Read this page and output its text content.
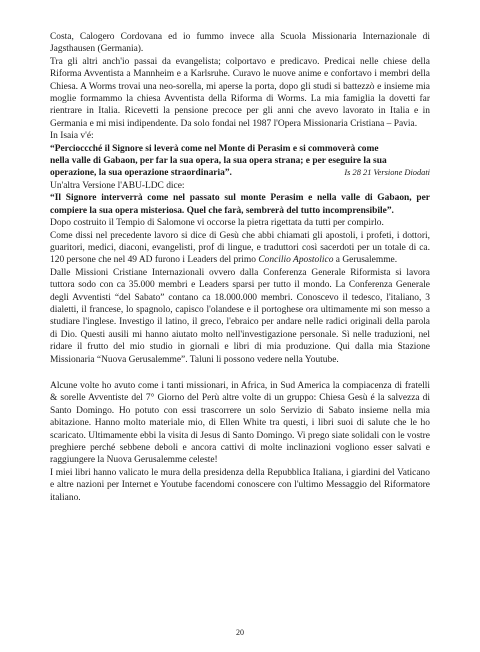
Costa, Calogero Cordovana ed io fummo invece alla Scuola Missionaria Internazionale di Jagsthausen (Germania).

Tra gli altri anch'io passai da evangelista; colportavo e predicavo. Predicai nelle chiese della Riforma Avventista a Mannheim e a Karlsruhe. Curavo le nuove anime e confortavo i membri della Chiesa. A Worms trovai una neo-sorella, mi aperse la porta, dopo gli studi si battezzò e insieme mia moglie formammo la chiesa Avventista della Riforma di Worms. La mia famiglia la dovetti far rientrare in Italia. Ricevetti la pensione precoce per gli anni che avevo lavorato in Italia e in Germania e mi misi indipendente. Da solo fondai nel 1987 l'Opera Missionaria Cristiana – Pavia.

In Isaia v'é:

“Percioccché il Signore si leverà come nel Monte di Perasim e si commoverà come
nella valle di Gabaon, per far la sua opera, la sua opera strana; e per eseguire la sua
operazione, la sua operazione straordinaria”.	Is 28 21 Versione Diodati

Un'altra Versione l'ABU-LDC dice:

“Il Signore interverrà come nel passato sul monte Perasim e nella valle di Gabaon, per compiere la sua opera misteriosa. Quel che farà, sembrerà del tutto incomprensibile”.

Dopo costruito il Tempio di Salomone vi occorse la pietra rigettata da tutti per compirlo.

Come dissi nel precedente lavoro si dice di Gesù che abbi chiamati gli apostoli, i profeti, i dottori, guaritori, medici, diaconi, evangelisti, prof di lingue, e traduttori così sacerdoti per un totale di ca. 120 persone che nel 49 AD furono i Leaders del primo Concilio Apostolico a Gerusalemme.

Dalle Missioni Cristiane Internazionali ovvero dalla Conferenza Generale Riformista si lavora tuttora sodo con ca 35.000 membri e Leaders sparsi per tutto il mondo. La Conferenza Generale degli Avventisti “del Sabato” contano ca 18.000.000 membri. Conoscevo il tedesco, l'italiano, 3 dialetti, il francese, lo spagnolo, capisco l'olandese e il portoghese ora ultimamente mi son messo a studiare l'inglese. Investigo il latino, il greco, l'ebraico per andare nelle radici originali della parola di Dio. Questi ausili mi hanno aiutato molto nell'investigazione personale. Sì nelle traduzioni, nel ridare il frutto del mio studio in giornali e libri di mia produzione. Qui dalla mia Stazione Missionaria “Nuova Gerusalemme”. Taluni li possono vedere nella Youtube.

Alcune volte ho avuto come i tanti missionari, in Africa, in Sud America la compiacenza di fratelli & sorelle Avventiste del 7° Giorno del Perù altre volte di un gruppo: Chiesa Gesù é la salvezza di Santo Domingo. Ho potuto con essi trascorrere un solo Servizio di Sabato insieme nella mia abitazione. Hanno molto materiale mio, di Ellen White tra questi, i libri suoi di salute che le ho scaricato. Ultimamente ebbi la visita di Jesus di Santo Domingo. Vi prego siate solidali con le vostre preghiere perché sebbene deboli e ancora cattivi di molte inclinazioni vogliono esser salvati e raggiungere la Nuova Gerusalemme celeste!

I miei libri hanno valicato le mura della presidenza della Repubblica Italiana, i giardini del Vaticano e altre nazioni per Internet e Youtube facendomi conoscere con l'ultimo Messaggio del Riformatore italiano.

20
